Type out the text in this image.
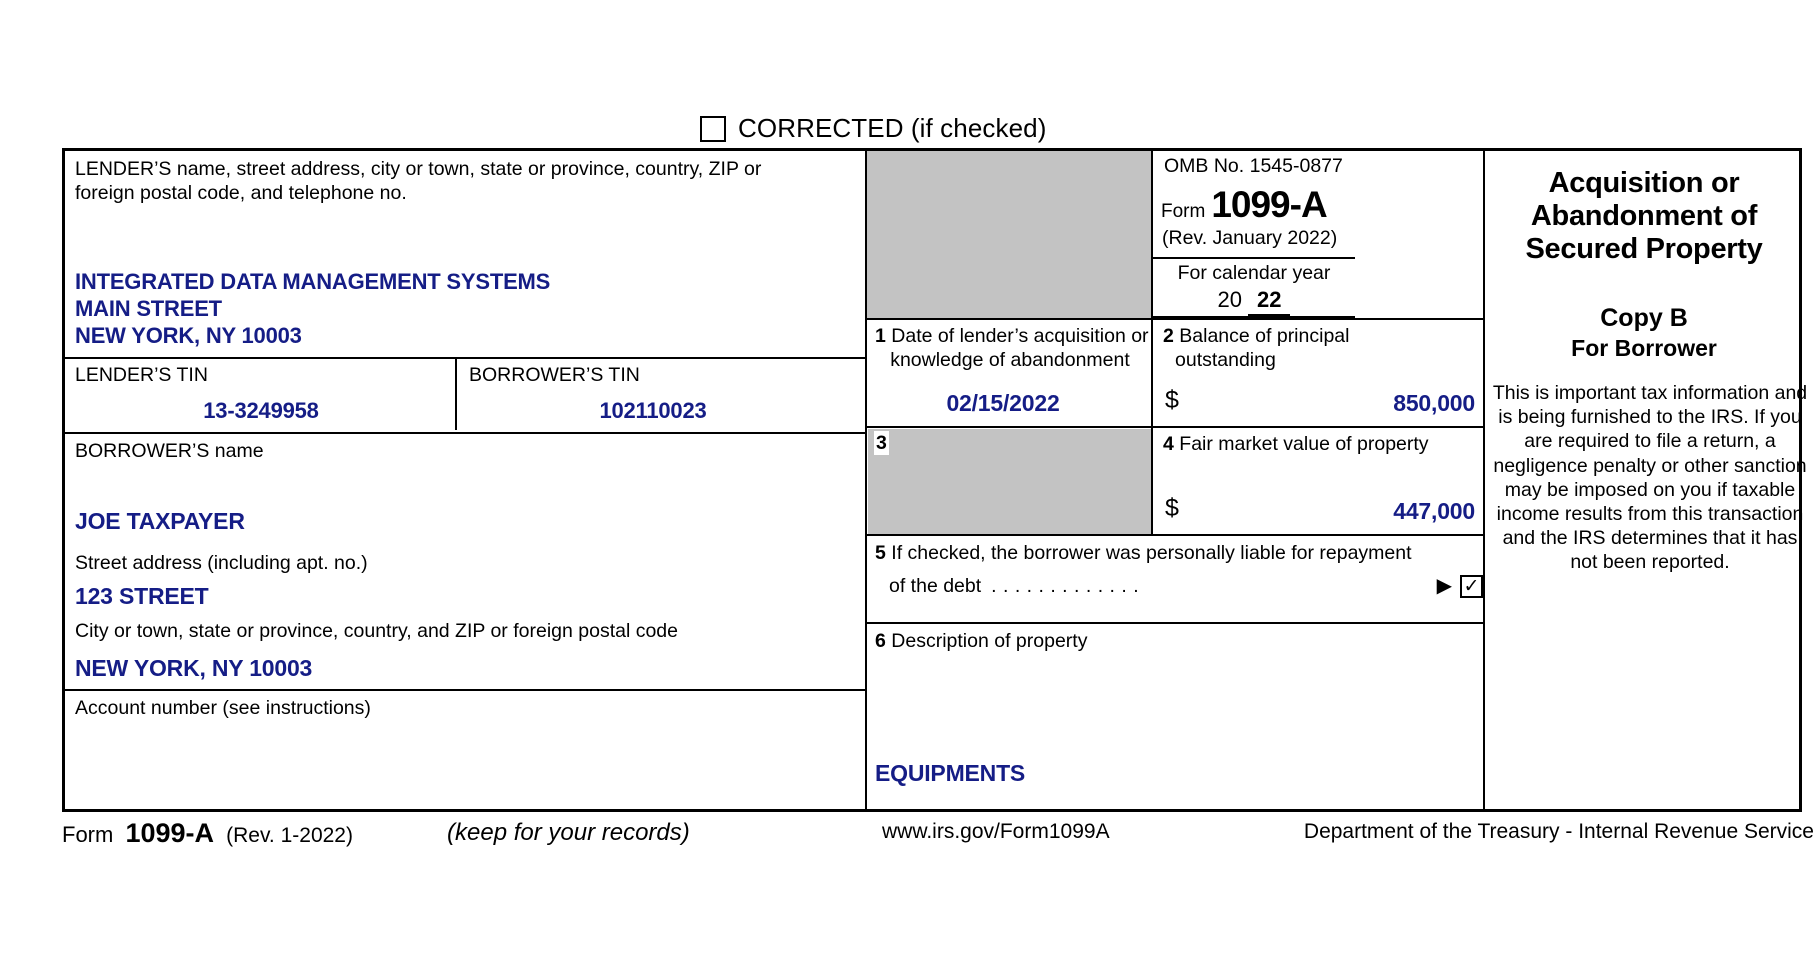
CORRECTED (if checked)
LENDER’S name, street address, city or town, state or province, country, ZIP or
foreign postal code, and telephone no.
INTEGRATED DATA MANAGEMENT SYSTEMS
MAIN STREET
NEW YORK, NY 10003
LENDER’S TIN
13-3249958
BORROWER’S TIN
102110023
BORROWER’S name
JOE TAXPAYER
Street address (including apt. no.)
123 STREET
City or town, state or province, country, and ZIP or foreign postal code
NEW YORK, NY 10003
Account number (see instructions)
OMB No. 1545-0877
Form 1099-A
(Rev. January 2022)
For calendar year
20 22
1 Date of lender’s acquisition or
knowledge of abandonment
02/15/2022
2 Balance of principal
outstanding
$	850,000
3	4 Fair market value of property
$	447,000
5 If checked, the borrower was personally liable for repayment
of the debt . . . . . . . . . . . . .	▶ ✓
6 Description of property
EQUIPMENTS
Acquisition or
Abandonment of
Secured Property
Copy B
For Borrower
This is important tax information and is being furnished to the IRS. If you are required to file a return, a negligence penalty or other sanction may be imposed on you if taxable income results from this transaction and the IRS determines that it has not been reported.
Form 1099-A (Rev. 1-2022)	(keep for your records)	www.irs.gov/Form1099A	Department of the Treasury - Internal Revenue Service
